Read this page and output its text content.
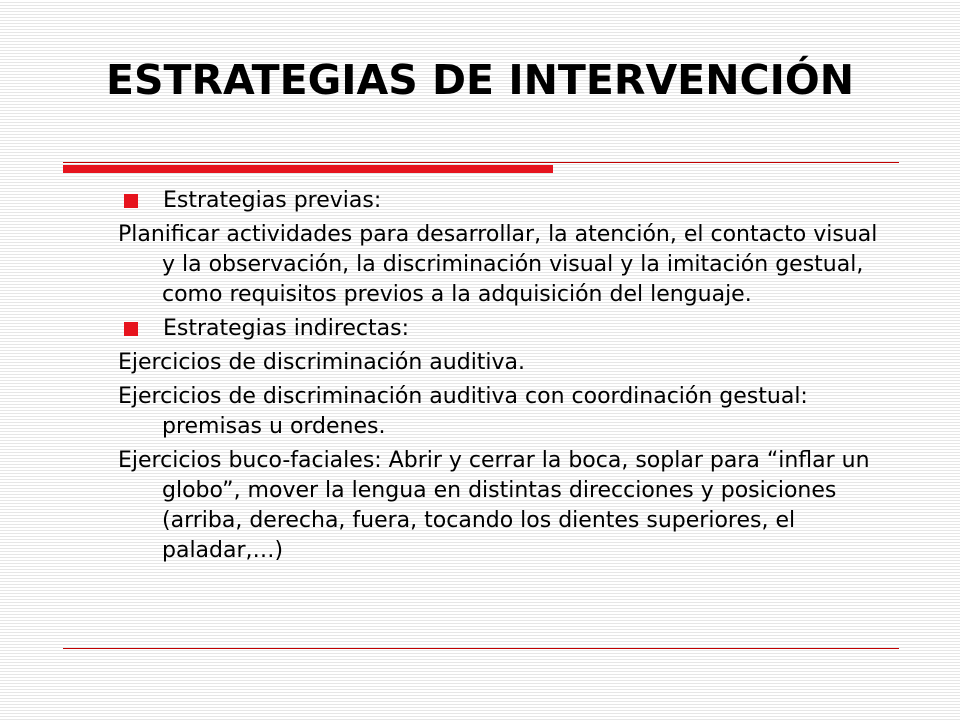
ESTRATEGIAS DE INTERVENCIÓN
Estrategias previas:
Planificar actividades para desarrollar, la atención, el contacto visual y la observación, la discriminación visual y la imitación gestual, como requisitos previos a la adquisición del lenguaje.
Estrategias indirectas:
Ejercicios de discriminación auditiva.
Ejercicios de discriminación auditiva con coordinación gestual: premisas u ordenes.
Ejercicios buco-faciales: Abrir y cerrar la boca, soplar para “inflar un globo”, mover la lengua en distintas direcciones y posiciones (arriba, derecha, fuera, tocando los dientes superiores, el paladar,…)
